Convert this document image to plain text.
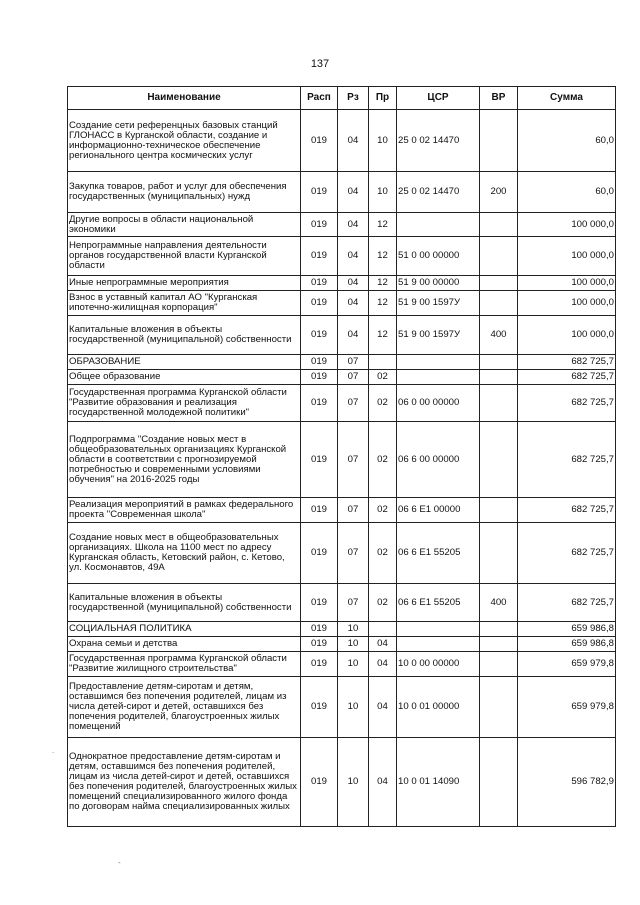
137
Наименование	Расп	Рз	Пр	ЦСР	ВР	Сумма
Создание сети референцных базовых станций ГЛОНАСС в Курганской области, создание и информационно-техническое обеспечение регионального центра космических услуг	019	04	10	25 0 02 14470		60,0
Закупка товаров, работ и услуг для обеспечения государственных (муниципальных) нужд	019	04	10	25 0 02 14470	200	60,0
Другие вопросы в области национальной экономики	019	04	12			100 000,0
Непрограммные направления деятельности органов государственной власти Курганской области	019	04	12	51 0 00 00000		100 000,0
Иные непрограммные мероприятия	019	04	12	51 9 00 00000		100 000,0
Взнос в уставный капитал АО "Курганская ипотечно-жилищная корпорация"	019	04	12	51 9 00 1597У		100 000,0
Капитальные вложения в объекты государственной (муниципальной) собственности	019	04	12	51 9 00 1597У	400	100 000,0
ОБРАЗОВАНИЕ	019	07				682 725,7
Общее образование	019	07	02			682 725,7
Государственная программа Курганской области "Развитие образования и реализация государственной молодежной политики"	019	07	02	06 0 00 00000		682 725,7
Подпрограмма "Создание новых мест в общеобразовательных организациях Курганской области в соответствии с прогнозируемой потребностью и современными условиями обучения" на 2016-2025 годы	019	07	02	06 6 00 00000		682 725,7
Реализация мероприятий в рамках федерального проекта "Современная школа"	019	07	02	06 6 E1 00000		682 725,7
Создание новых мест в общеобразовательных организациях. Школа на 1100 мест по адресу Курганская область, Кетовский район, с. Кетово, ул. Космонавтов, 49А	019	07	02	06 6 E1 55205		682 725,7
Капитальные вложения в объекты государственной (муниципальной) собственности	019	07	02	06 6 E1 55205	400	682 725,7
СОЦИАЛЬНАЯ ПОЛИТИКА	019	10				659 986,8
Охрана семьи и детства	019	10	04			659 986,8
Государственная программа Курганской области "Развитие жилищного строительства"	019	10	04	10 0 00 00000		659 979,8
Предоставление детям-сиротам и детям, оставшимся без попечения родителей, лицам из числа детей-сирот и детей, оставшихся без попечения родителей, благоустроенных жилых помещений	019	10	04	10 0 01 00000		659 979,8
Однократное предоставление детям-сиротам и детям, оставшимся без попечения родителей, лицам из числа детей-сирот и детей, оставшихся без попечения родителей, благоустроенных жилых помещений специализированного жилого фонда по договорам найма специализированных жилых	019	10	04	10 0 01 14090		596 782,9
.
-
